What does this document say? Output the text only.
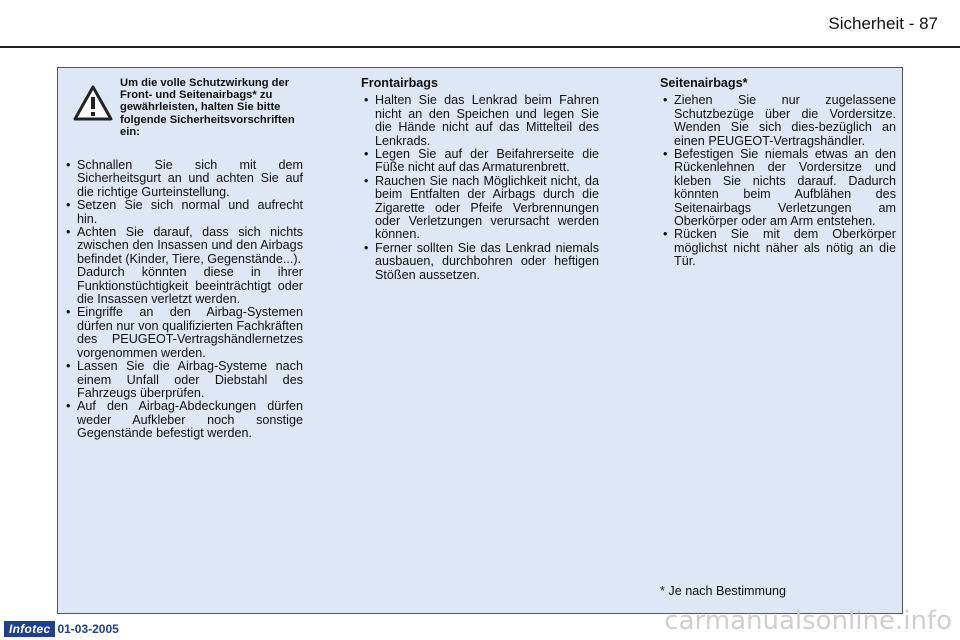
Sicherheit - 87
Um die volle Schutzwirkung der Front- und Seitenairbags* zu gewährleisten, halten Sie bitte folgende Sicherheitsvorschriften ein:
• Schnallen Sie sich mit dem Sicherheitsgurt an und achten Sie auf die richtige Gurteinstellung.
• Setzen Sie sich normal und aufrecht hin.
• Achten Sie darauf, dass sich nichts zwischen den Insassen und den Airbags befindet (Kinder, Tiere, Gegenstände...).
Dadurch könnten diese in ihrer Funktionstüchtigkeit beeinträchtigt oder die Insassen verletzt werden.
• Eingriffe an den Airbag-Systemen dürfen nur von qualifizierten Fachkräften des PEUGEOT-Vertragshändlernetzes vorgenommen werden.
• Lassen Sie die Airbag-Systeme nach einem Unfall oder Diebstahl des Fahrzeugs überprüfen.
• Auf den Airbag-Abdeckungen dürfen weder Aufkleber noch sonstige Gegenstände befestigt werden.
Frontairbags
• Halten Sie das Lenkrad beim Fahren nicht an den Speichen und legen Sie die Hände nicht auf das Mittelteil des Lenkrads.
• Legen Sie auf der Beifahrerseite die Füße nicht auf das Armaturenbrett.
• Rauchen Sie nach Möglichkeit nicht, da beim Entfalten der Airbags durch die Zigarette oder Pfeife Verbrennungen oder Verletzungen verursacht werden können.
• Ferner sollten Sie das Lenkrad niemals ausbauen, durchbohren oder heftigen Stößen aussetzen.
Seitenairbags*
• Ziehen Sie nur zugelassene Schutzbezüge über die Vordersitze. Wenden Sie sich dies-bezüglich an einen PEUGEOT-Vertragshändler.
• Befestigen Sie niemals etwas an den Rückenlehnen der Vordersitze und kleben Sie nichts darauf. Dadurch könnten beim Aufblähen des Seitenairbags Verletzungen am Oberkörper oder am Arm entstehen.
• Rücken Sie mit dem Oberkörper möglichst nicht näher als nötig an die Tür.
* Je nach Bestimmung
Infotec 01-03-2005	carmanualsonline.info
